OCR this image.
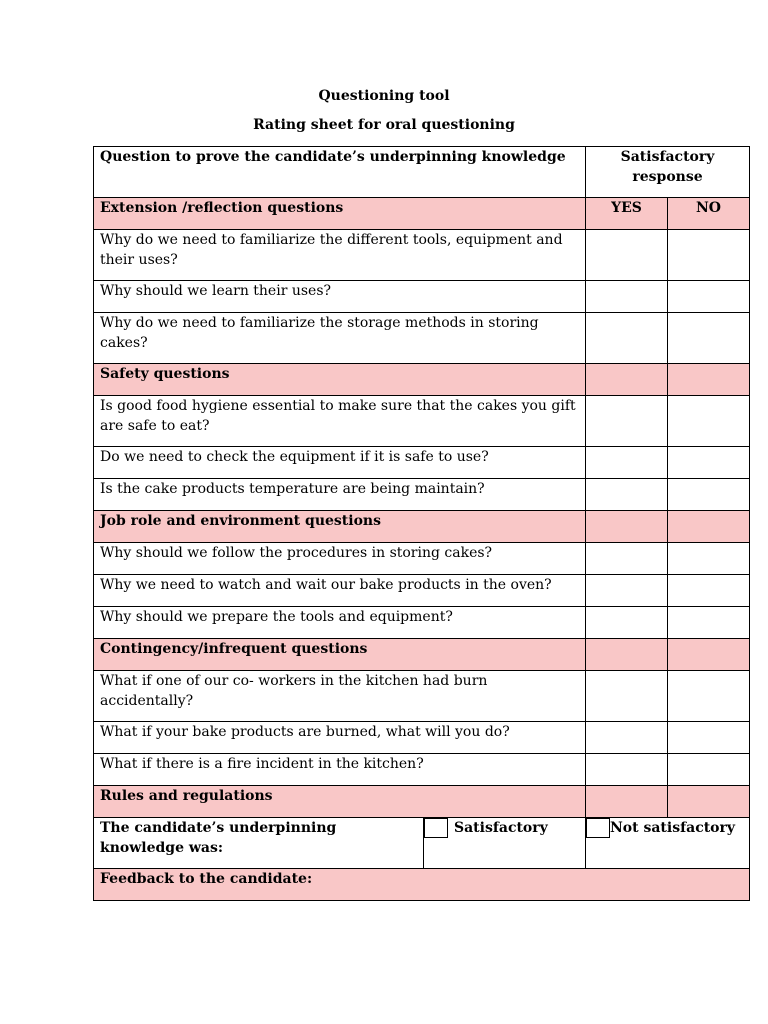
Questioning tool
Rating sheet for oral questioning
Question to prove the candidate’s underpinning knowledge		Satisfactory response	
Extension /reflection questions		YES	NO
Why do we need to familiarize the different tools, equipment and their uses?			
Why should we learn their uses?			
Why do we need to familiarize the storage methods in storing cakes?			
Safety questions			
Is good food hygiene essential to make sure that the cakes you gift are safe to eat?			
Do we need to check the equipment if it is safe to use?			
Is the cake products temperature are being maintain?			
Job role and environment questions			
Why should we follow the procedures in storing cakes?			
Why we need to watch and wait our bake products in the oven?			
Why should we prepare the tools and equipment?			
Contingency/infrequent questions			
What if one of our co- workers in the kitchen had burn accidentally?			
What if your bake products are burned, what will you do?			
What if there is a fire incident in the kitchen?			
Rules and regulations			
The candidate’s underpinning knowledge was:	Satisfactory	Not satisfactory	
Feedback to the candidate:			
